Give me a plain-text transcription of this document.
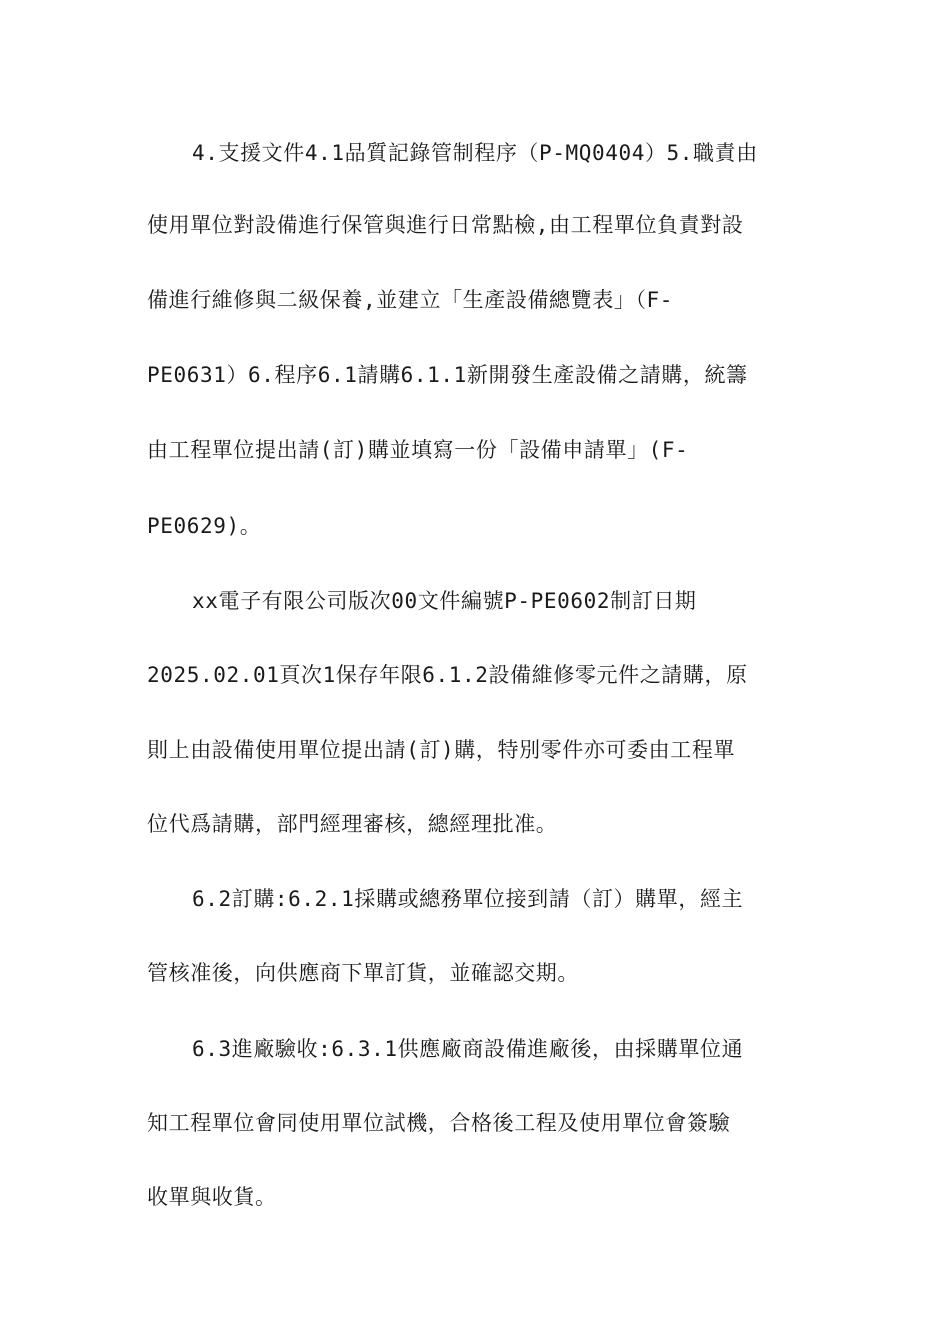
4.支援文件4.1品質記錄管制程序（P-MQ0404）5.職責由
使用單位對設備進行保管與進行日常點檢,由工程單位負責對設
備進行維修與二級保養,並建立「生產設備總覽表」（F-
PE0631）6.程序6.1請購6.1.1新開發生產設備之請購，統籌
由工程單位提出請(訂)購並填寫一份「設備申請單」(F-
PE0629)。
xx電子有限公司版次00文件編號P-PE0602制訂日期
2025.02.01頁次1保存年限6.1.2設備維修零元件之請購，原
則上由設備使用單位提出請(訂)購，特別零件亦可委由工程單
位代爲請購，部門經理審核，總經理批准。
6.2訂購:6.2.1採購或總務單位接到請（訂）購單，經主
管核准後，向供應商下單訂貨，並確認交期。
6.3進廠驗收:6.3.1供應廠商設備進廠後，由採購單位通
知工程單位會同使用單位試機，合格後工程及使用單位會簽驗
收單與收貨。
